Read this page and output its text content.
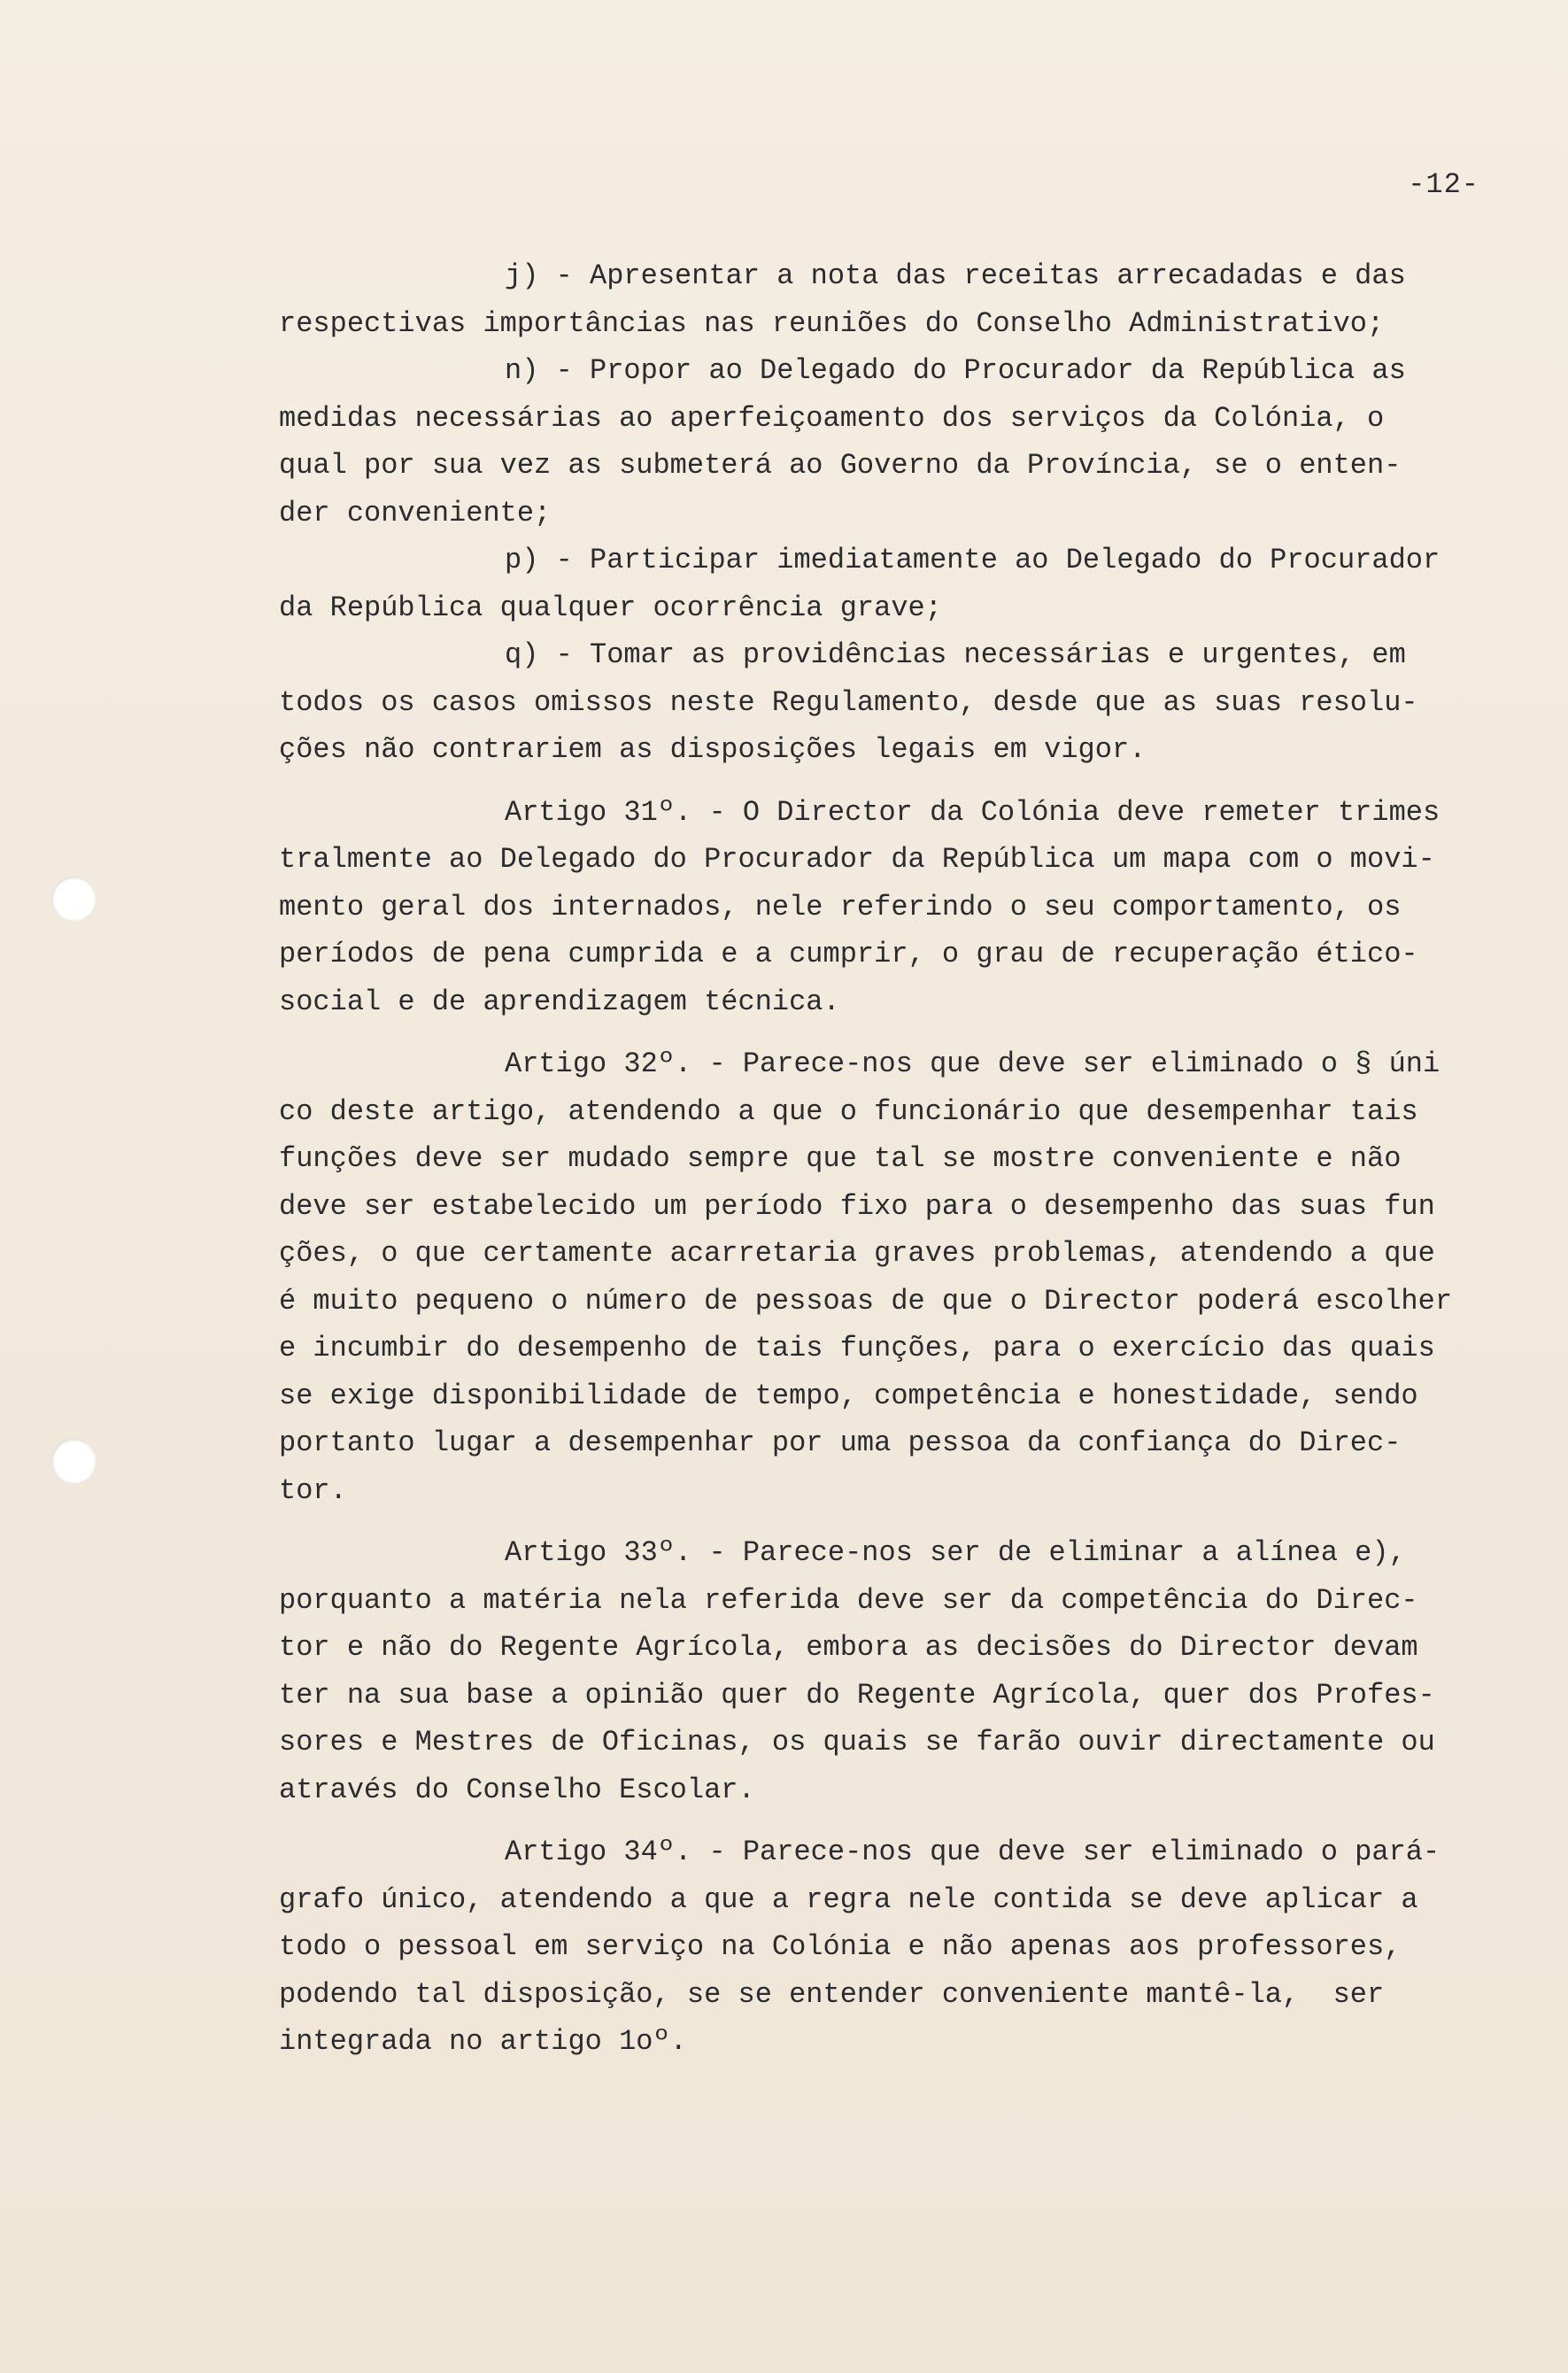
-12-
j) - Apresentar a nota das receitas arrecadadas e das
respectivas importâncias nas reuniões do Conselho Administrativo;
n) - Propor ao Delegado do Procurador da República as
medidas necessárias ao aperfeiçoamento dos serviços da Colónia, o
qual por sua vez as submeterá ao Governo da Província, se o enten-
der conveniente;
p) - Participar imediatamente ao Delegado do Procurador
da República qualquer ocorrência grave;
q) - Tomar as providências necessárias e urgentes, em
todos os casos omissos neste Regulamento, desde que as suas resolu-
ções não contrariem as disposições legais em vigor.
Artigo 31º. - O Director da Colónia deve remeter trimes
tralmente ao Delegado do Procurador da República um mapa com o movi-
mento geral dos internados, nele referindo o seu comportamento, os
períodos de pena cumprida e a cumprir, o grau de recuperação ético-
social e de aprendizagem técnica.
Artigo 32º. - Parece-nos que deve ser eliminado o § úni
co deste artigo, atendendo a que o funcionário que desempenhar tais
funções deve ser mudado sempre que tal se mostre conveniente e não
deve ser estabelecido um período fixo para o desempenho das suas fun
ções, o que certamente acarretaria graves problemas, atendendo a que
é muito pequeno o número de pessoas de que o Director poderá escolher
e incumbir do desempenho de tais funções, para o exercício das quais
se exige disponibilidade de tempo, competência e honestidade, sendo
portanto lugar a desempenhar por uma pessoa da confiança do Direc-
tor.
Artigo 33º. - Parece-nos ser de eliminar a alínea e),
porquanto a matéria nela referida deve ser da competência do Direc-
tor e não do Regente Agrícola, embora as decisões do Director devam
ter na sua base a opinião quer do Regente Agrícola, quer dos Profes-
sores e Mestres de Oficinas, os quais se farão ouvir directamente ou
através do Conselho Escolar.
Artigo 34º. - Parece-nos que deve ser eliminado o pará-
grafo único, atendendo a que a regra nele contida se deve aplicar a
todo o pessoal em serviço na Colónia e não apenas aos professores,
podendo tal disposição, se se entender conveniente mantê-la,  ser
integrada no artigo 1oº.
